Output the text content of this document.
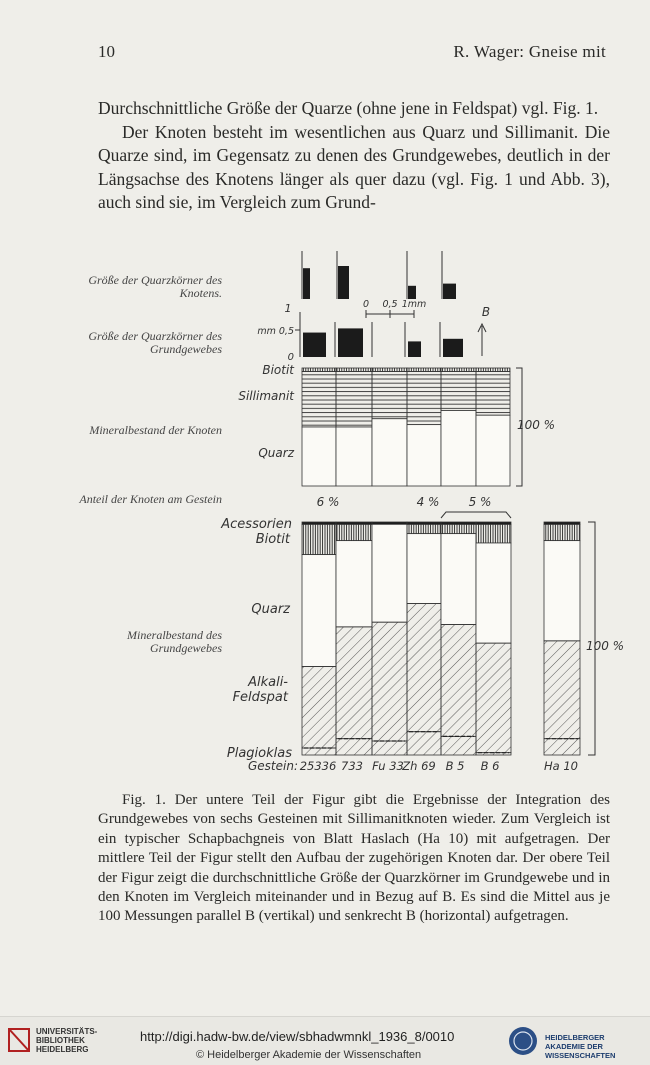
10	R. Wager: Gneise mit

Durchschnittliche Größe der Quarze (ohne jene in Feldspat) vgl. Fig. 1.

Der Knoten besteht im wesentlichen aus Quarz und Sillimanit. Die Quarze sind, im Gegensatz zu denen des Grundgewebes, deutlich in der Längsachse des Knotens länger als quer dazu (vgl. Fig. 1 und Abb. 3), auch sind sie, im Vergleich zum Grund-

Größe der Quarzkörner des Knotens.
Größe der Quarzkörner des Grundgewebes
Mineralbestand der Knoten
Anteil der Knoten am Gestein
Mineralbestand des Grundgewebes
1
mm 0,5
0
0 0,5 1mm
B
Biotit
Sillimanit
Quarz
100 %
6 %	4 % 5 %
Acessorien
Biotit
Quarz
Alkali-
Feldspat
Plagioklas
100 %
Gestein: 25336 733 Fu 33
Zh 69 B 5 B 6	Ha 10

Fig. 1. Der untere Teil der Figur gibt die Ergebnisse der Integration des Grundgewebes von sechs Gesteinen mit Sillimanitknoten wieder. Zum Vergleich ist ein typischer Schapbachgneis von Blatt Haslach (Ha 10) mit aufgetragen. Der mittlere Teil der Figur stellt den Aufbau der zugehörigen Knoten dar. Der obere Teil der Figur zeigt die durchschnittliche Größe der Quarzkörner im Grundgewebe und in den Knoten im Vergleich miteinander und in Bezug auf B. Es sind die Mittel aus je 100 Messungen parallel B (vertikal) und senkrecht B (horizontal) aufgetragen.

UNIVERSITÄTS- BIBLIOTHEK HEIDELBERG
http://digi.hadw-bw.de/view/sbhadwmnkl_1936_8/0010
© Heidelberger Akademie der Wissenschaften
HEIDELBERGER AKADEMIE DER WISSENSCHAFTEN
